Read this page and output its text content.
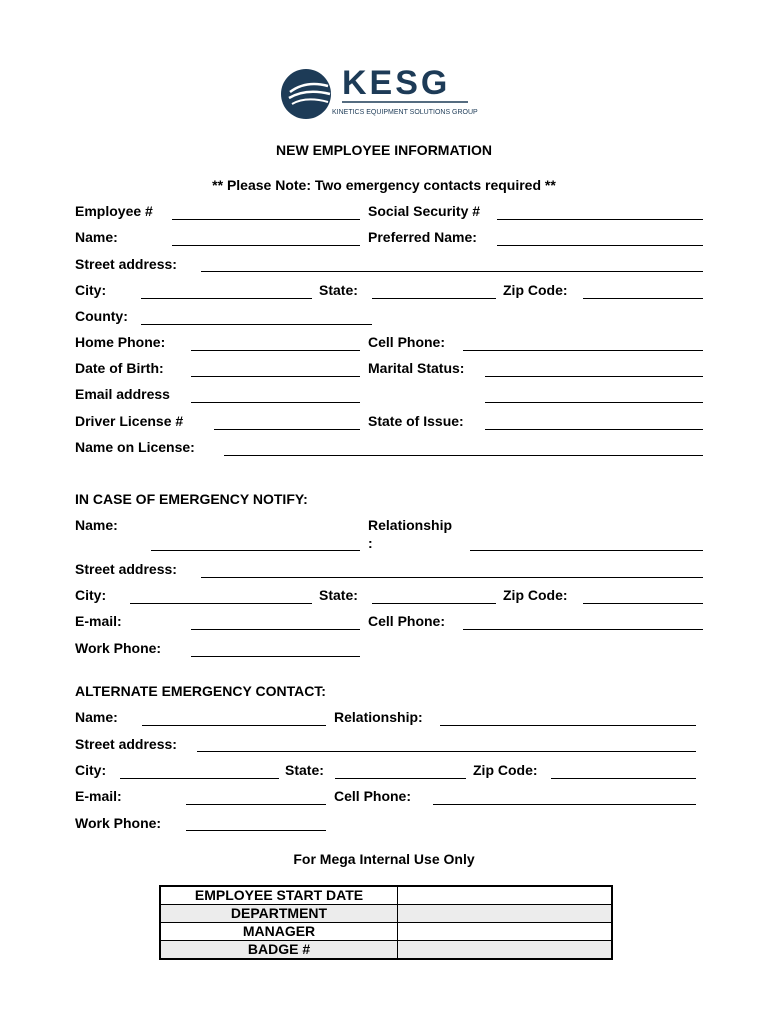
KESG
KINETICS EQUIPMENT SOLUTIONS GROUP
NEW EMPLOYEE INFORMATION
** Please Note: Two emergency contacts required **
Employee #	Social Security #
Name:	Preferred Name:
Street address:
City:	State:	Zip Code:
County:
Home Phone:	Cell Phone:
Date of Birth:	Marital Status:
Email address
Driver License #	State of Issue:
Name on License:
IN CASE OF EMERGENCY NOTIFY:
Name:	Relationship
:
Street address:
City:	State:	Zip Code:
E-mail:	Cell Phone:
Work Phone:
ALTERNATE EMERGENCY CONTACT:
Name:	Relationship:
Street address:
City:	State:	Zip Code:
E-mail:	Cell Phone:
Work Phone:
For Mega Internal Use Only
EMPLOYEE START DATE	
DEPARTMENT	
MANAGER	
BADGE #	
